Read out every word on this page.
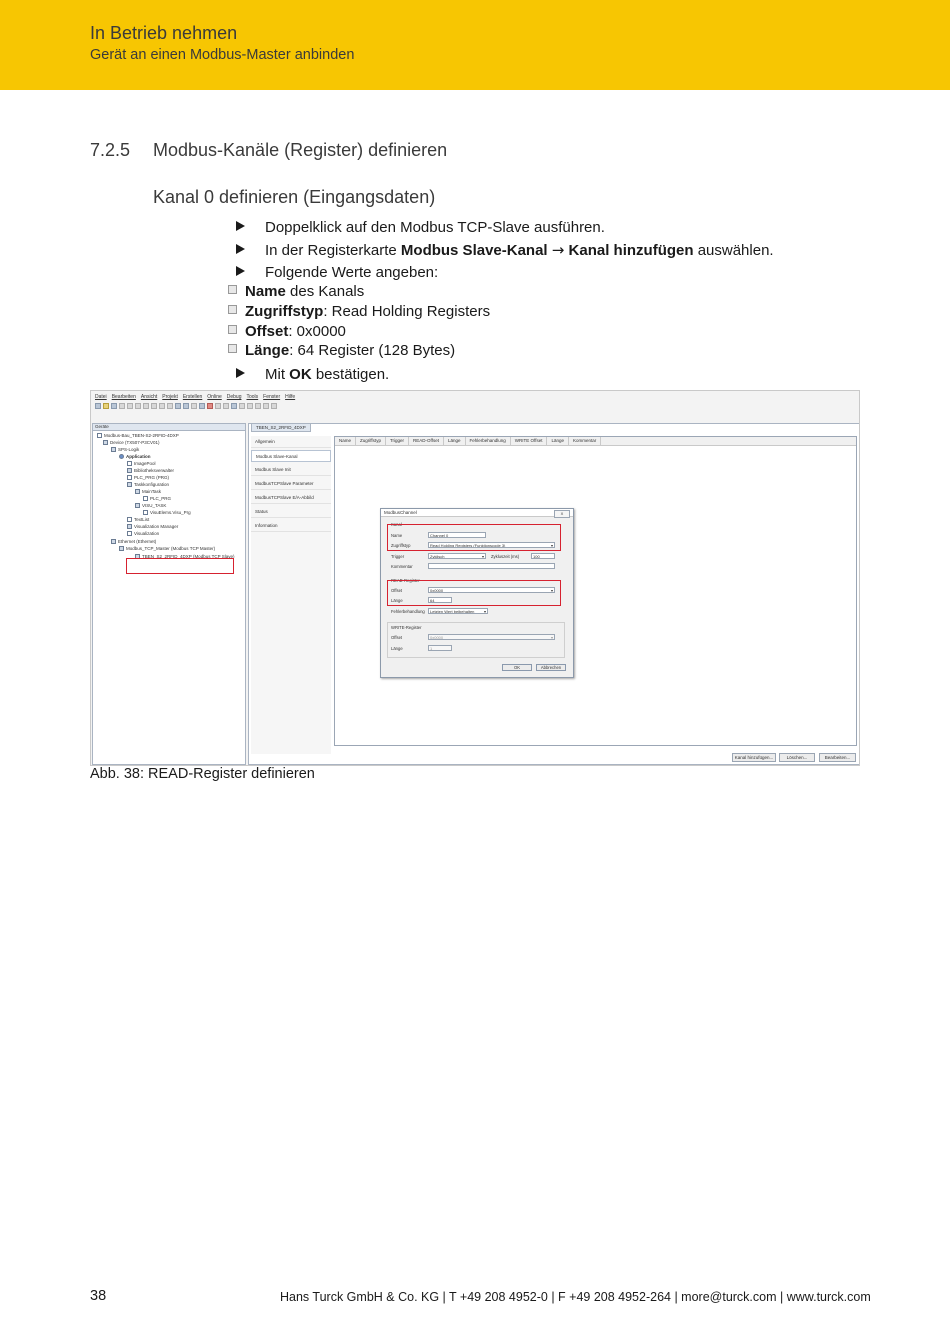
In Betrieb nehmen
Gerät an einen Modbus-Master anbinden
7.2.5 Modbus-Kanäle (Register) definieren
Kanal 0 definieren (Eingangsdaten)
Doppelklick auf den Modbus TCP-Slave ausführen.
In der Registerkarte Modbus Slave-Kanal → Kanal hinzufügen auswählen.
Folgende Werte angeben:
Name des Kanals
Zugriffstyp: Read Holding Registers
Offset: 0x0000
Länge: 64 Register (128 Bytes)
Mit OK bestätigen.
Datei Bearbeiten Ansicht Projekt Erstellen Online Debug Tools Fenster Hilfe
Geräte
Modbus-Bau_TBEN-S2-2RFID-4DXP
Device (TX507-P3CV01)
SPS-Logik
Application
ImagePool
Bibliotheksverwalter
PLC_PRG (PRG)
Taskkonfiguration
MainTask
PLC_PRG
VISU_TASK
VisuElems.Visu_Prg
TextList
Visualization Manager
Visualization
Ethernet (Ethernet)
Modbus_TCP_Master (Modbus TCP Master)
TBEN_S2_2RFID_4DXP (Modbus TCP Slave)
TBEN_S2_2RFID_4DXP
Allgemein
Modbus Slave-Kanal
Modbus Slave Init
ModbusTCPSlave Parameter
ModbusTCPSlave E/A-Abbild
Status
Information
Name Zugriffstyp Trigger READ-Offset Länge Fehlerbehandlung WRITE Offset Länge Kommentar
Kanal hinzufügen...	Löschen...	Bearbeiten...
ModbusChannel	X
Kanal
Name	Channel 0
Zugriffstyp	Read Holding Registers (Funktionscode 3) ▾
Trigger	Zyklisch ▾	Zykluszeit (ms)	100
Kommentar
READ-Register
Offset	0x0000 ▾
Länge	64
Fehlerbehandlung	Letzten Wert beibehalten ▾
WRITE-Register
Offset	0x0000 ▾
Länge	1
OK	Abbrechen
Abb. 38: READ-Register definieren
38	Hans Turck GmbH & Co. KG | T +49 208 4952-0 | F +49 208 4952-264 | more@turck.com | www.turck.com
